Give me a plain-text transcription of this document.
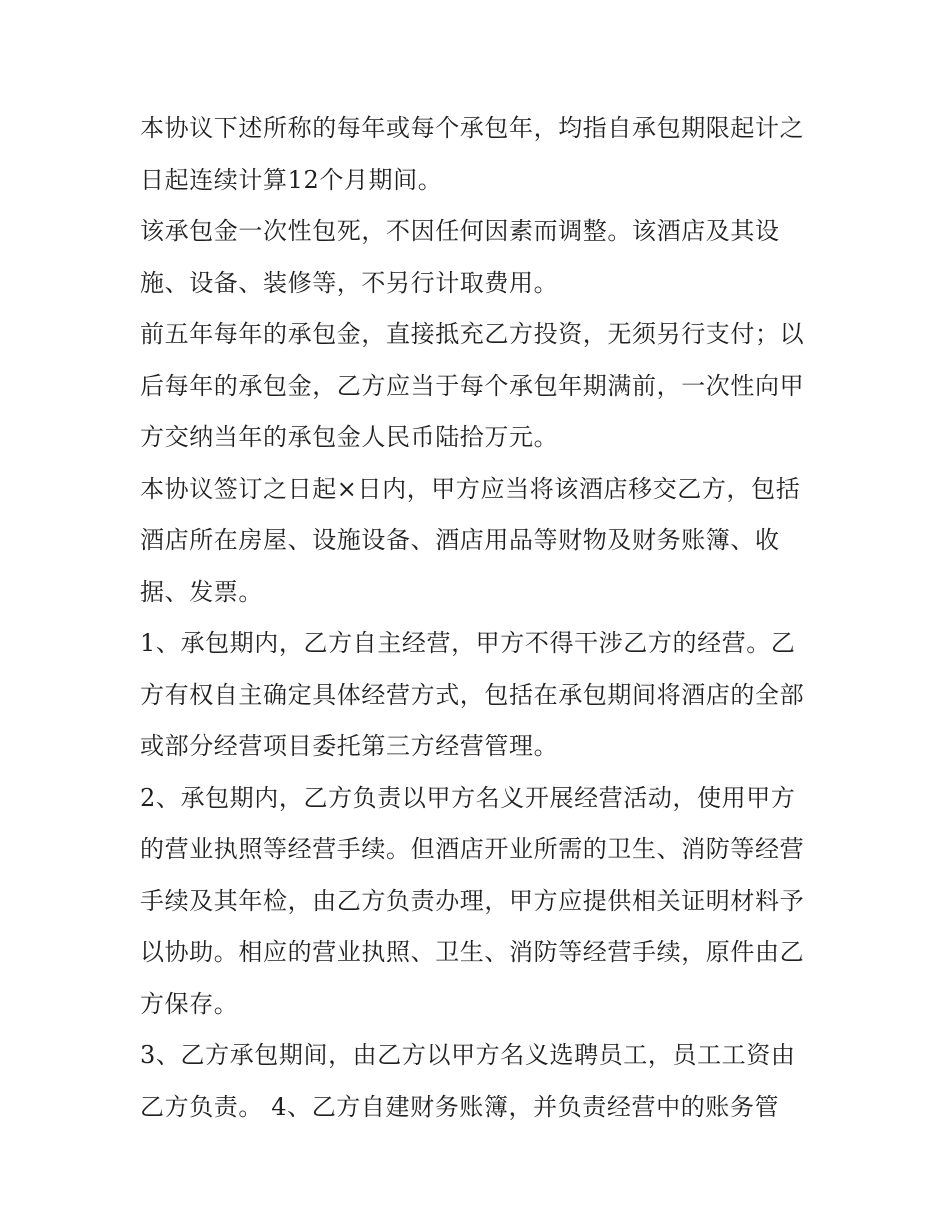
本协议下述所称的每年或每个承包年，均指自承包期限起计之日起连续计算12个月期间。

该承包金一次性包死，不因任何因素而调整。该酒店及其设施、设备、装修等，不另行计取费用。

前五年每年的承包金，直接抵充乙方投资，无须另行支付；以后每年的承包金，乙方应当于每个承包年期满前，一次性向甲方交纳当年的承包金人民币陆拾万元。

本协议签订之日起×日内，甲方应当将该酒店移交乙方，包括酒店所在房屋、设施设备、酒店用品等财物及财务账簿、收据、发票。

1、承包期内，乙方自主经营，甲方不得干涉乙方的经营。乙方有权自主确定具体经营方式，包括在承包期间将酒店的全部或部分经营项目委托第三方经营管理。

2、承包期内，乙方负责以甲方名义开展经营活动，使用甲方的营业执照等经营手续。但酒店开业所需的卫生、消防等经营手续及其年检，由乙方负责办理，甲方应提供相关证明材料予以协助。相应的营业执照、卫生、消防等经营手续，原件由乙方保存。

3、乙方承包期间，由乙方以甲方名义选聘员工，员工工资由乙方负责。 4、乙方自建财务账簿，并负责经营中的账务管
